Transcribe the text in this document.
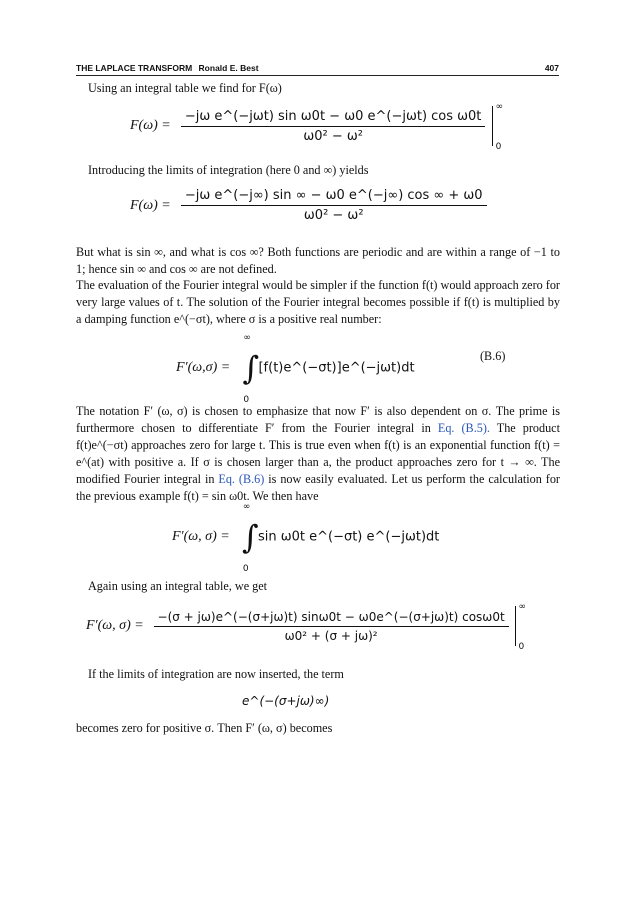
THE LAPLACE TRANSFORM Ronald E. Best	407
Using an integral table we find for F(ω)
$F(\omega) = \frac{\text{−jω e\textasciicircum{}(−jωt) sin ω0t − ω0 e\textasciicircum{}(−jωt) cos ω0t}}{\text{ω0² − ω²}}$

∞
0
Introducing the limits of integration (here 0 and ∞) yields
$F(\omega) = \frac{\text{−jω e\textasciicircum{}(−j∞) sin ∞ − ω0 e\textasciicircum{}(−j∞) cos ∞ + ω0}}{\text{ω0² − ω²}}$
But what is sin ∞, and what is cos ∞? Both functions are periodic and are within a range of −1 to 1; hence sin ∞ and cos ∞ are not defined.
The evaluation of the Fourier integral would be simpler if the function f(t) would approach zero for very large values of t. The solution of the Fourier integral becomes possible if f(t) is multiplied by a damping function e^(−σt), where σ is a positive real number:
F′(ω,σ) =
∞
∫
0
[f(t)e^(−σt)]e^(−jωt)dt
(B.6)
The notation F′ (ω, σ) is chosen to emphasize that now F′ is also dependent on σ. The prime is furthermore chosen to differentiate F′ from the Fourier integral in Eq. (B.5). The product f(t)e^(−σt) approaches zero for large t. This is true even when f(t) is an exponential function f(t) = e^(at) with positive a. If σ is chosen larger than a, the product approaches zero for t → ∞. The modified Fourier integral in Eq. (B.6) is now easily evaluated. Let us perform the calculation for the previous example f(t) = sin ω0t. We then have
F′(ω, σ) =
∞
∫
0
sin ω0t e^(−σt) e^(−jωt)dt
Again using an integral table, we get
F′(ω, $\sigma) = \frac{-(\sigma + j\omega)e\^{}(-(\sigma+j\omega)t) \sin\omega 0t - \omega 0e\^{}(-(\sigma+j\omega)t) \cos\omega 0t}{\text{ω0² + (σ + jω)²}}$

∞
0
If the limits of integration are now inserted, the term
e^(−(σ+jω)∞)
becomes zero for positive σ. Then F′ (ω, σ) becomes
